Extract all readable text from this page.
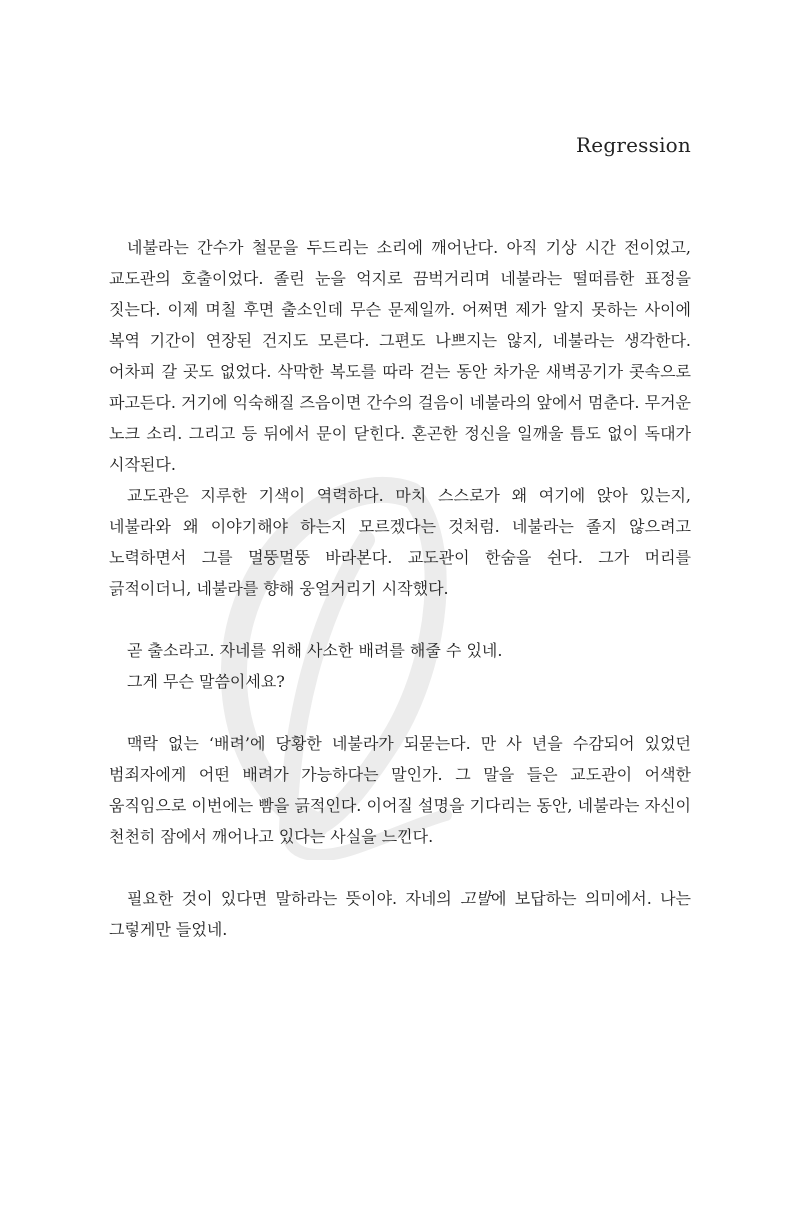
Regression

네불라는 간수가 철문을 두드리는 소리에 깨어난다. 아직 기상 시간 전이었고, 교도관의 호출이었다. 졸린 눈을 억지로 끔벅거리며 네불라는 떨떠름한 표정을 짓는다. 이제 며칠 후면 출소인데 무슨 문제일까. 어쩌면 제가 알지 못하는 사이에 복역 기간이 연장된 건지도 모른다. 그편도 나쁘지는 않지, 네불라는 생각한다. 어차피 갈 곳도 없었다. 삭막한 복도를 따라 걷는 동안 차가운 새벽공기가 콧속으로 파고든다. 거기에 익숙해질 즈음이면 간수의 걸음이 네불라의 앞에서 멈춘다. 무거운 노크 소리. 그리고 등 뒤에서 문이 닫힌다. 혼곤한 정신을 일깨울 틈도 없이 독대가 시작된다.

교도관은 지루한 기색이 역력하다. 마치 스스로가 왜 여기에 앉아 있는지, 네불라와 왜 이야기해야 하는지 모르겠다는 것처럼. 네불라는 졸지 않으려고 노력하면서 그를 멀뚱멀뚱 바라본다. 교도관이 한숨을 쉰다. 그가 머리를 긁적이더니, 네불라를 향해 웅얼거리기 시작했다.

곧 출소라고. 자네를 위해 사소한 배려를 해줄 수 있네.

그게 무슨 말씀이세요?

맥락 없는 ‘배려’에 당황한 네불라가 되묻는다. 만 사 년을 수감되어 있었던 범죄자에게 어떤 배려가 가능하다는 말인가. 그 말을 들은 교도관이 어색한 움직임으로 이번에는 빰을 긁적인다. 이어질 설명을 기다리는 동안, 네불라는 자신이 천천히 잠에서 깨어나고 있다는 사실을 느낀다.

필요한 것이 있다면 말하라는 뜻이야. 자네의 고발에 보답하는 의미에서. 나는 그렇게만 들었네.
